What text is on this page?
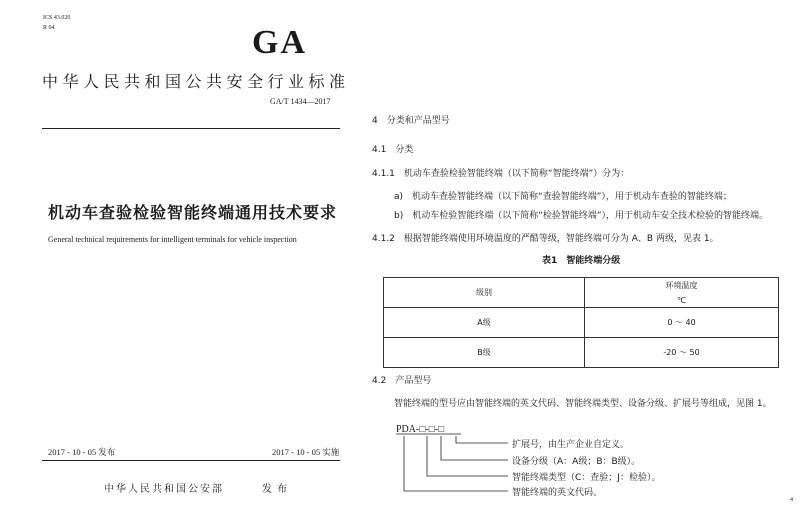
ICS 43.020
R 04	GA
中华人民共和国公共安全行业标准
GA/T 1434—2017
机动车查验检验智能终端通用技术要求
General technical requirements for intelligent terminals for vehicle inspection
2017 - 10 - 05 发布	2017 - 10 - 05 实施
中华人民共和国公安部	发布
4　分类和产品型号
4.1　分类
4.1.1　机动车查验检验智能终端（以下简称“智能终端”）分为：
a)　机动车查验智能终端（以下简称“查验智能终端”），用于机动车查验的智能终端；
b)　机动车检验智能终端（以下简称“检验智能终端”），用于机动车安全技术检验的智能终端。
4.1.2　根据智能终端使用环境温度的严酷等级，智能终端可分为 A、B 两级，见表 1。
表1　智能终端分级
级别	环境温度
℃

A级	0 ～ 40
B级	-20 ～ 50
4.2　产品型号
智能终端的型号应由智能终端的英文代码、智能终端类型、设备分级、扩展号等组成，见图 1。
PDA-□-□-□
扩展号，由生产企业自定义。
设备分级（A：A级；B：B级）。
智能终端类型（C：查验；J：检验）。
智能终端的英文代码。
4
